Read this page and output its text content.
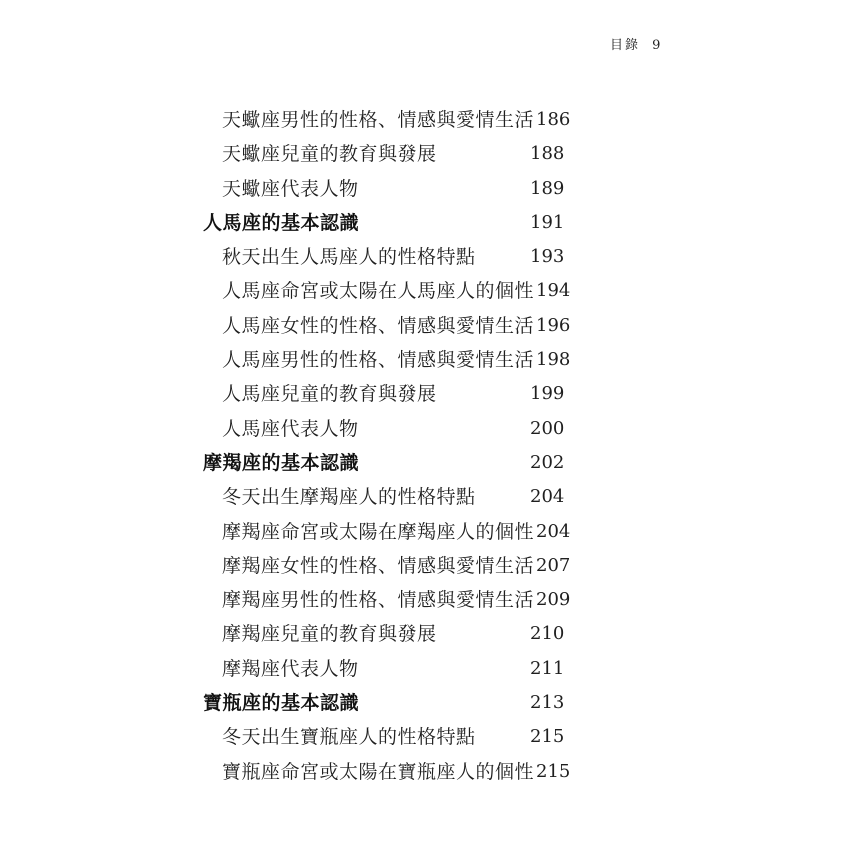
目錄 9
天蠍座男性的性格、情感與愛情生活 186
天蠍座兒童的教育與發展	188
天蠍座代表人物	189
人馬座的基本認識	191
秋天出生人馬座人的性格特點	193
人馬座命宮或太陽在人馬座人的個性 194
人馬座女性的性格、情感與愛情生活 196
人馬座男性的性格、情感與愛情生活 198
人馬座兒童的教育與發展	199
人馬座代表人物	200
摩羯座的基本認識	202
冬天出生摩羯座人的性格特點	204
摩羯座命宮或太陽在摩羯座人的個性 204
摩羯座女性的性格、情感與愛情生活 207
摩羯座男性的性格、情感與愛情生活 209
摩羯座兒童的教育與發展	210
摩羯座代表人物	211
寶瓶座的基本認識	213
冬天出生寶瓶座人的性格特點	215
寶瓶座命宮或太陽在寶瓶座人的個性 215
